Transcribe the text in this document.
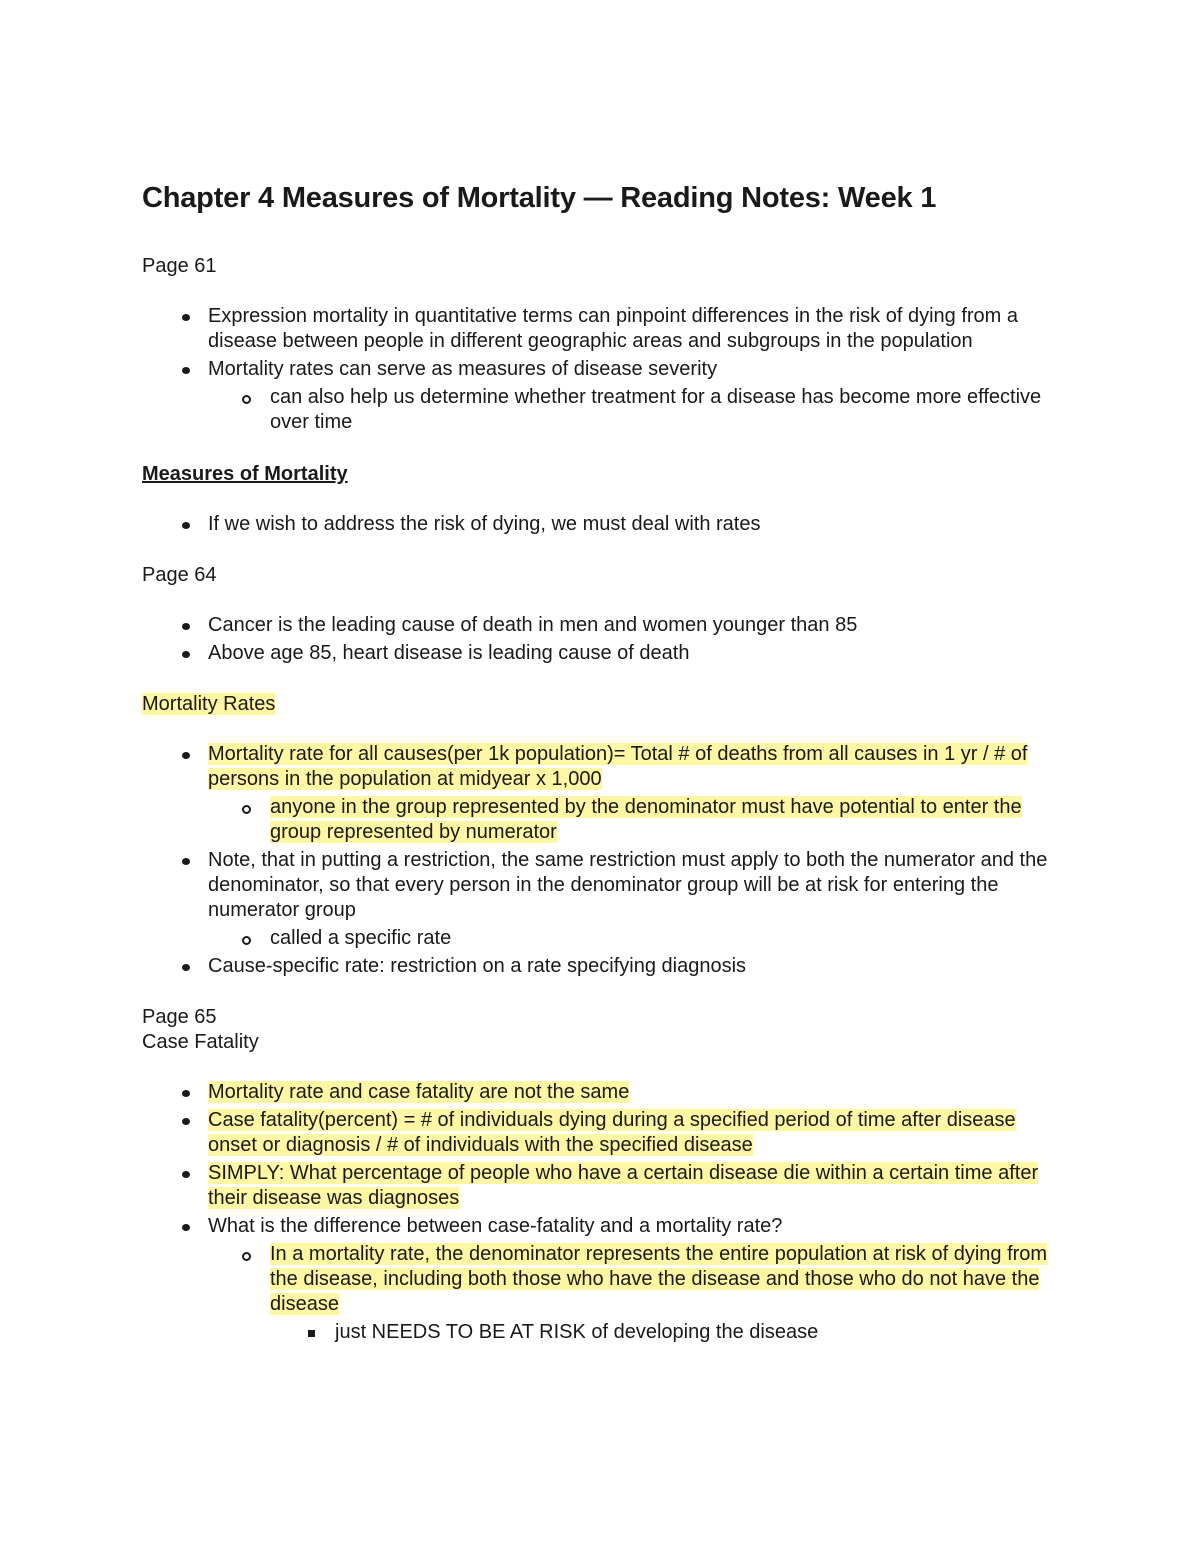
Chapter 4 Measures of Mortality — Reading Notes: Week 1

Page 61

Expression mortality in quantitative terms can pinpoint differences in the risk of dying from a disease between people in different geographic areas and subgroups in the population
Mortality rates can serve as measures of disease severity
can also help us determine whether treatment for a disease has become more effective over time

Measures of Mortality

If we wish to address the risk of dying, we must deal with rates

Page 64

Cancer is the leading cause of death in men and women younger than 85
Above age 85, heart disease is leading cause of death

Mortality Rates

Mortality rate for all causes(per 1k population)= Total # of deaths from all causes in 1 yr / # of persons in the population at midyear x 1,000
anyone in the group represented by the denominator must have potential to enter the group represented by numerator
Note, that in putting a restriction, the same restriction must apply to both the numerator and the denominator, so that every person in the denominator group will be at risk for entering the numerator group
called a specific rate
Cause-specific rate: restriction on a rate specifying diagnosis

Page 65

Case Fatality

Mortality rate and case fatality are not the same
Case fatality(percent) = # of individuals dying during a specified period of time after disease onset or diagnosis / # of individuals with the specified disease
SIMPLY: What percentage of people who have a certain disease die within a certain time after their disease was diagnoses
What is the difference between case-fatality and a mortality rate?
In a mortality rate, the denominator represents the entire population at risk of dying from the disease, including both those who have the disease and those who do not have the disease
just NEEDS TO BE AT RISK of developing the disease
